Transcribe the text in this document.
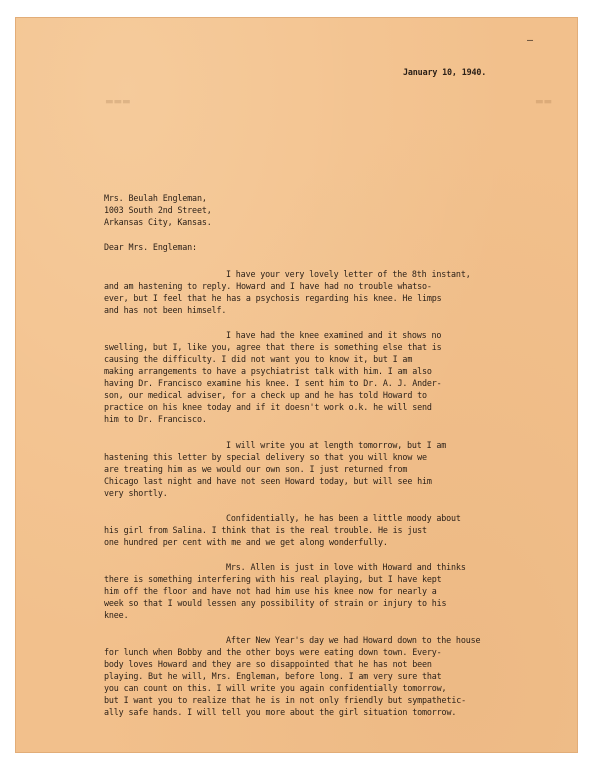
—
▬▬▬	▬▬
January 10, 1940.
Mrs. Beulah Engleman,
1003 South 2nd Street,
Arkansas City, Kansas.
Dear Mrs. Engleman:
I have your very lovely letter of the 8th instant,
and am hastening to reply. Howard and I have had no trouble whatso-
ever, but I feel that he has a psychosis regarding his knee. He limps
and has not been himself.
I have had the knee examined and it shows no
swelling, but I, like you, agree that there is something else that is
causing the difficulty. I did not want you to know it, but I am
making arrangements to have a psychiatrist talk with him. I am also
having Dr. Francisco examine his knee. I sent him to Dr. A. J. Ander-
son, our medical adviser, for a check up and he has told Howard to
practice on his knee today and if it doesn't work o.k. he will send
him to Dr. Francisco.
I will write you at length tomorrow, but I am
hastening this letter by special delivery so that you will know we
are treating him as we would our own son. I just returned from
Chicago last night and have not seen Howard today, but will see him
very shortly.
Confidentially, he has been a little moody about
his girl from Salina. I think that is the real trouble. He is just
one hundred per cent with me and we get along wonderfully.
Mrs. Allen is just in love with Howard and thinks
there is something interfering with his real playing, but I have kept
him off the floor and have not had him use his knee now for nearly a
week so that I would lessen any possibility of strain or injury to his
knee.
After New Year's day we had Howard down to the house
for lunch when Bobby and the other boys were eating down town. Every-
body loves Howard and they are so disappointed that he has not been
playing. But he will, Mrs. Engleman, before long. I am very sure that
you can count on this. I will write you again confidentially tomorrow,
but I want you to realize that he is in not only friendly but sympathetic-
ally safe hands. I will tell you more about the girl situation tomorrow.
